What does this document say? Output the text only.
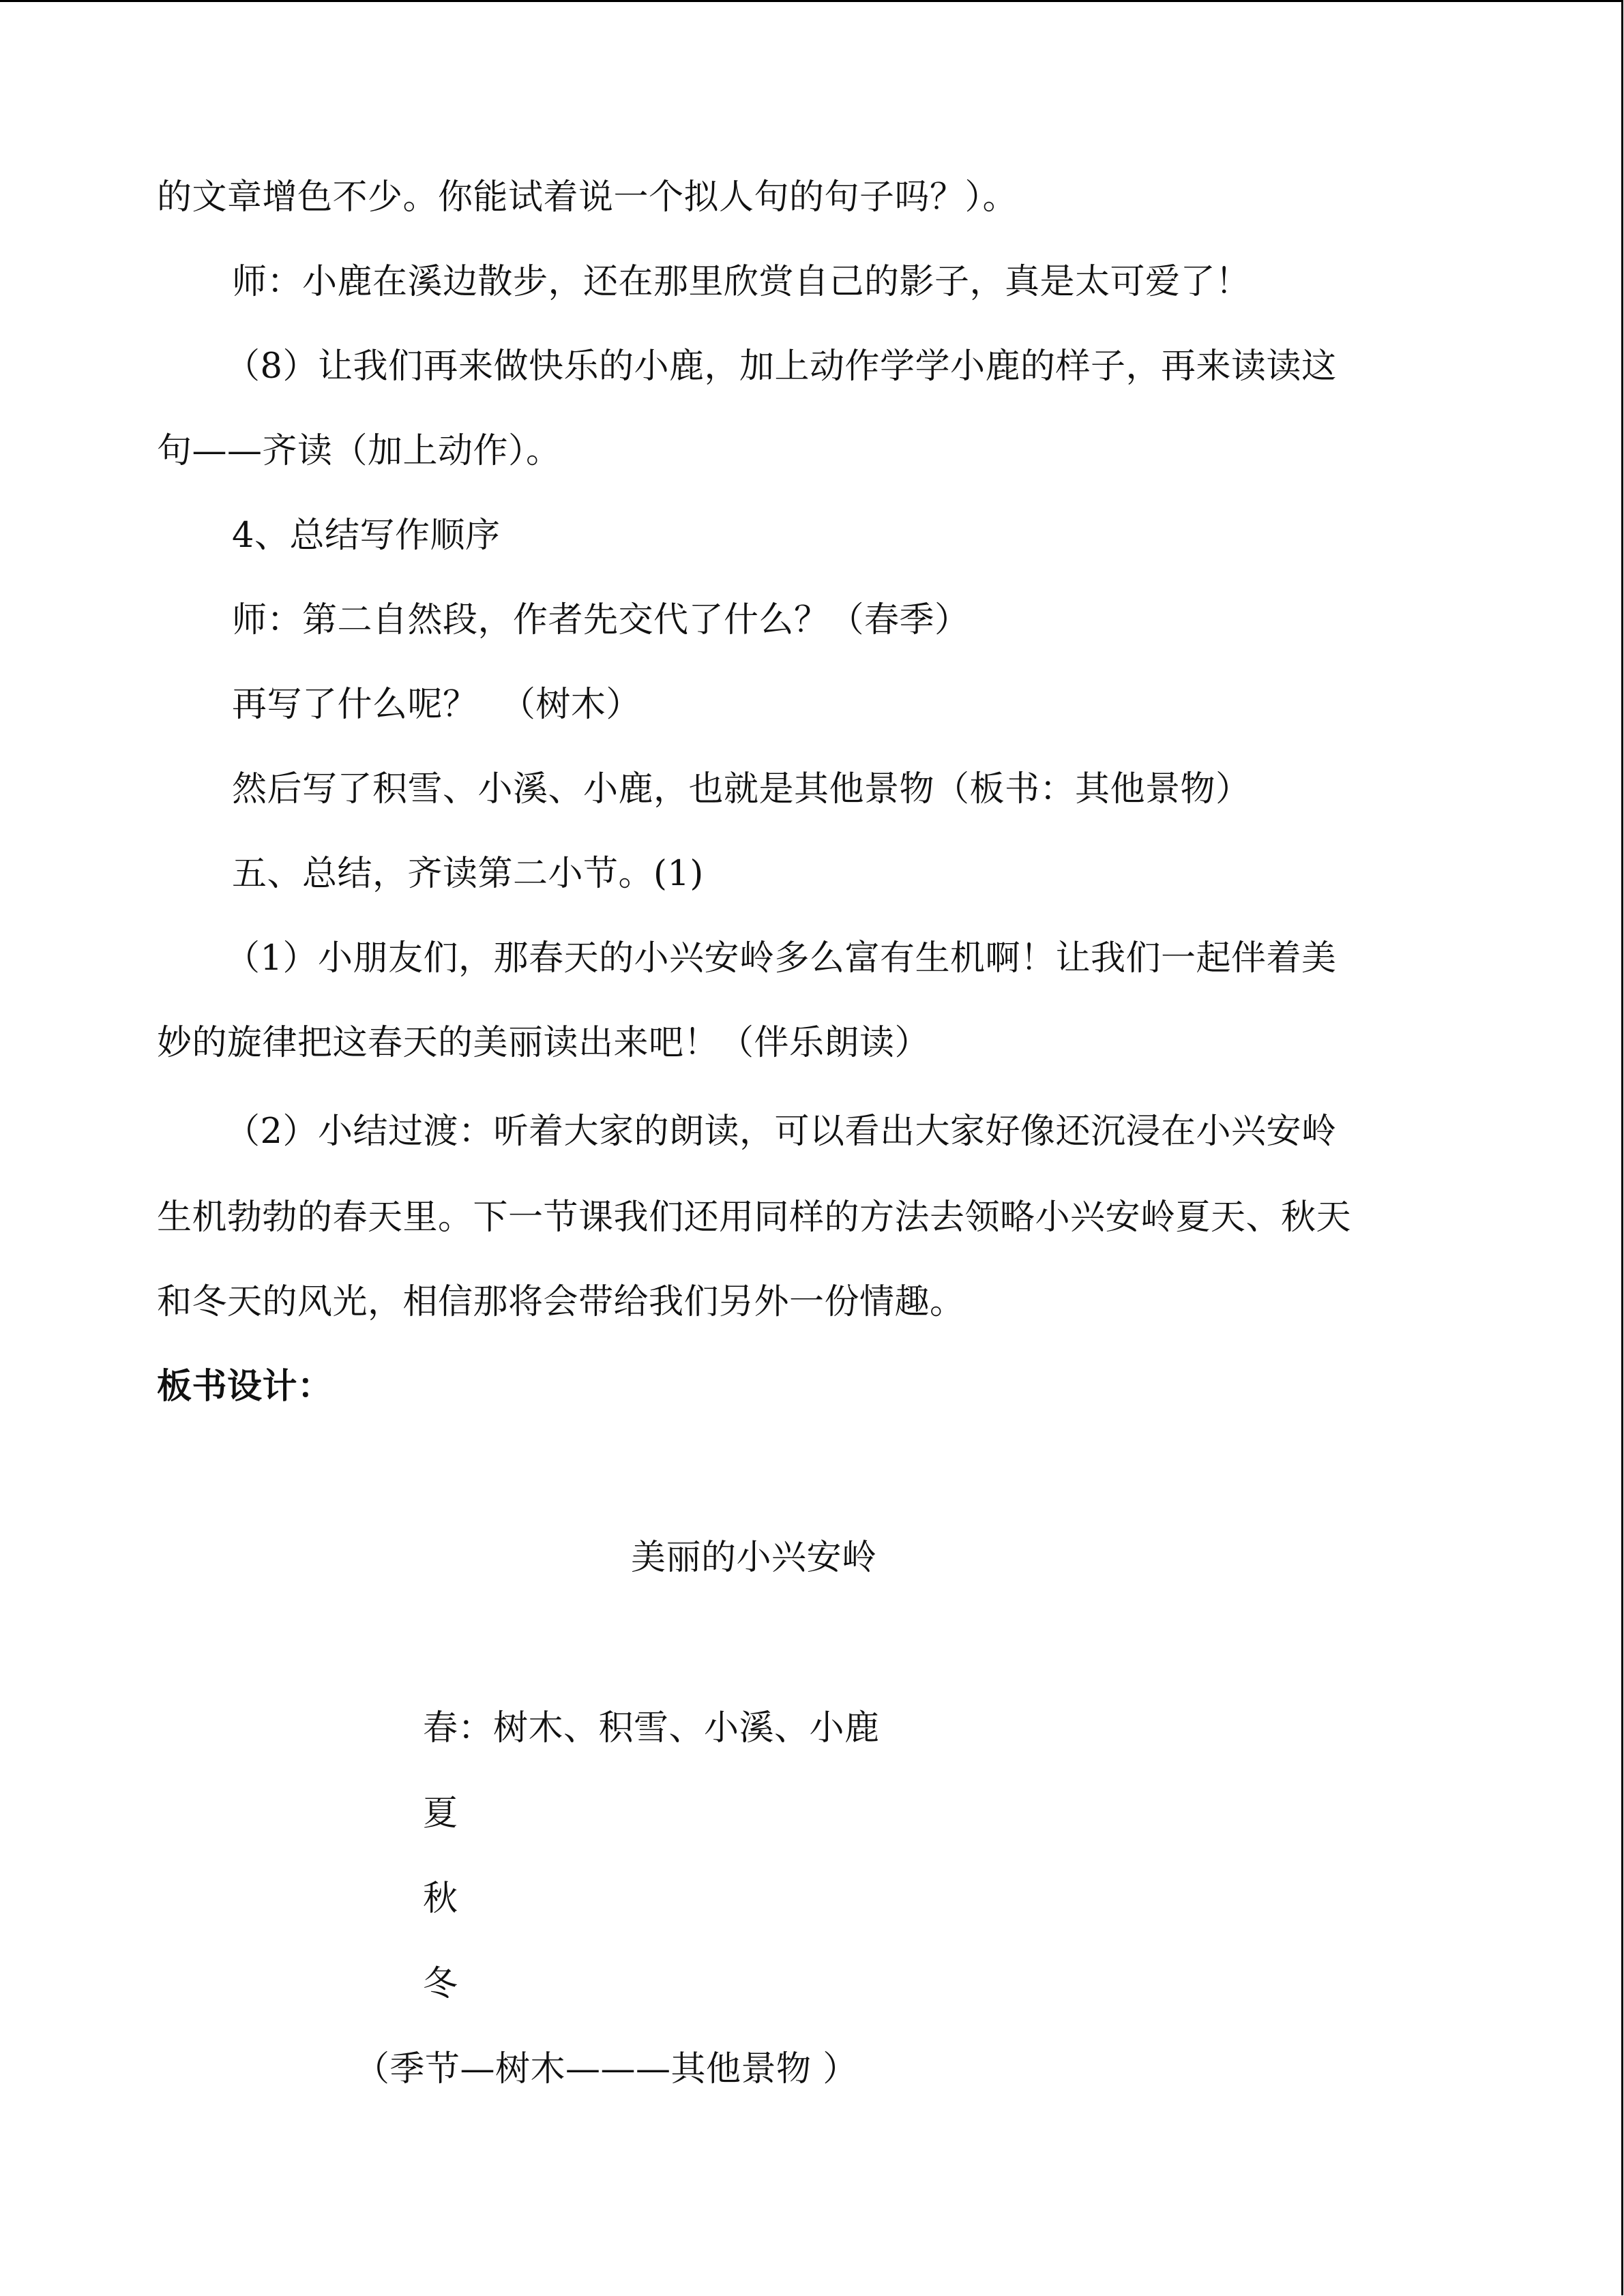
的文章增色不少。你能试着说一个拟人句的句子吗？）。
师：小鹿在溪边散步，还在那里欣赏自己的影子，真是太可爱了！
（8）让我们再来做快乐的小鹿，加上动作学学小鹿的样子，再来读读这
句——齐读（加上动作）。
4、总结写作顺序
师：第二自然段，作者先交代了什么？（春季）
再写了什么呢？  （树木）
然后写了积雪、小溪、小鹿，也就是其他景物（板书：其他景物）
五、总结，齐读第二小节。(1)
（1）小朋友们，那春天的小兴安岭多么富有生机啊！让我们一起伴着美
妙的旋律把这春天的美丽读出来吧！（伴乐朗读）
（2）小结过渡：听着大家的朗读，可以看出大家好像还沉浸在小兴安岭
生机勃勃的春天里。下一节课我们还用同样的方法去领略小兴安岭夏天、秋天
和冬天的风光，相信那将会带给我们另外一份情趣。
板书设计：
美丽的小兴安岭
春：树木、积雪、小溪、小鹿
夏
秋
冬
（季节—树木———其他景物 ）
